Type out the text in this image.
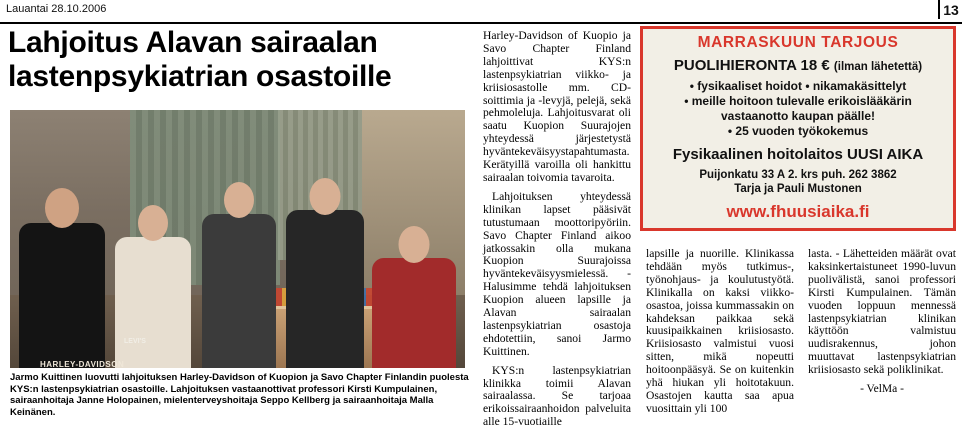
Lauantai 28.10.2006	13
Lahjoitus Alavan sairaalan lastenpsykiatrian osastoille
HARLEY-DAVIDSON
LEVI'S
Jarmo Kuittinen luovutti lahjoituksen Harley-Davidson of Kuopion ja Savo Chapter Finlandin puolesta KYS:n lastenpsykiatrian osastoille. Lahjoituksen vastaanottivat professori Kirsti Kumpulainen, sairaanhoitaja Janne Holopainen, mielenterveyshoitaja Seppo Kellberg ja sairaanhoitaja Malla Keinänen.

Harley-Davidson of Kuopio ja Savo Chapter Finland lahjoittivat KYS:n lastenpsykiatrian viikko- ja kriisiosastolle mm. CD-soittimia ja -levyjä, pelejä, sekä pehmoleluja. Lahjoitusvarat oli saatu Kuopion Suurajojen yhteydessä järjestetystä hyväntekeväisyystapahtumasta. Kerätyillä varoilla oli hankittu sairaalan toivomia tavaroita.

Lahjoituksen yhteydessä klinikan lapset pääsivät tutustumaan moottoripyöriin. Savo Chapter Finland aikoo jatkossakin olla mukana Kuopion Suurajoissa hyväntekeväisyysmielessä. - Halusimme tehdä lahjoituksen Kuopion alueen lapsille ja Alavan sairaalan lastenpsykiatrian osastoja ehdotettiin, sanoi Jarmo Kuittinen.

KYS:n lastenpsykiatrian klinikka toimii Alavan sairaalassa. Se tarjoaa erikoissairaanhoidon palveluita alle 15-vuotiaille

lapsille ja nuorille. Klinikassa tehdään myös tutkimus-, työnohjaus- ja koulutustyötä. Klinikalla on kaksi viikko-osastoa, joissa kummassakin on kahdeksan paikkaa sekä kuusipaikkainen kriisiosasto. Kriisiosasto valmistui vuosi sitten, mikä nopeutti hoitoonpääsyä. Se on kuitenkin yhä hiukan yli hoitotakuun. Osastojen kautta saa apua vuosittain yli 100

lasta. - Lähetteiden määrät ovat kaksinkertaistuneet 1990-luvun puolivälistä, sanoi professori Kirsti Kumpulainen. Tämän vuoden loppuun mennessä lastenpsykiatrian klinikan käyttöön valmistuu uudisrakennus, johon muuttavat lastenpsykiatrian kriisiosasto sekä poliklinikat.

- VelMa -

MARRASKUUN TARJOUS
PUOLIHIERONTA 18 € (ilman lähetettä)
• fysikaaliset hoidot • nikamakäsittelyt
• meille hoitoon tulevalle erikoislääkärin
vastaanotto kaupan päälle!
• 25 vuoden työkokemus
Fysikaalinen hoitolaitos UUSI AIKA
Puijonkatu 33 A 2. krs puh. 262 3862
Tarja ja Pauli Mustonen
www.fhuusiaika.fi
